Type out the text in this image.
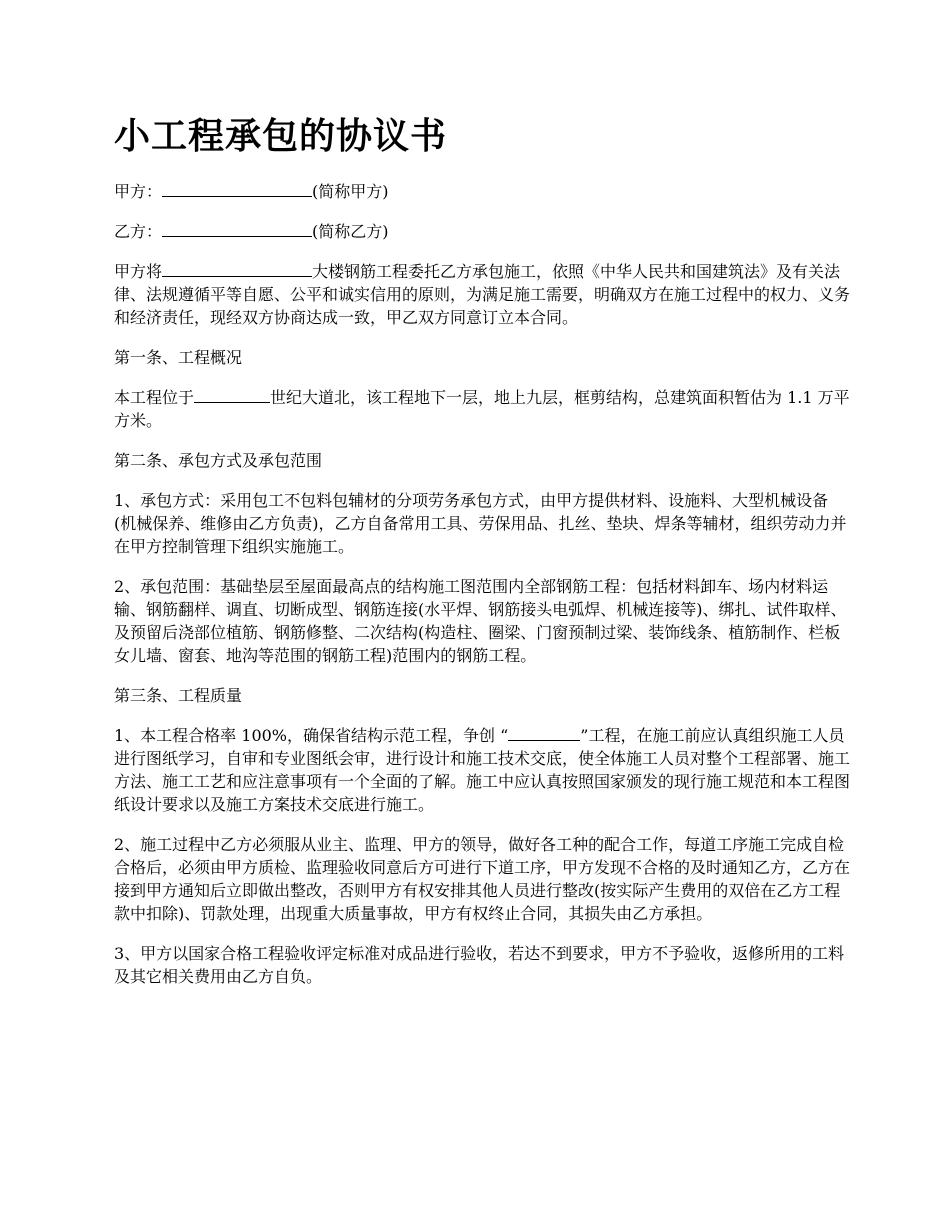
小工程承包的协议书

甲方：	(简称甲方)

乙方：	(简称乙方)

甲方将	大楼钢筋工程委托乙方承包施工，依照《中华人民共和国建筑法》及有关法律、法规遵循平等自愿、公平和诚实信用的原则，为满足施工需要，明确双方在施工过程中的权力、义务和经济责任，现经双方协商达成一致，甲乙双方同意订立本合同。

第一条、工程概况

本工程位于	世纪大道北，该工程地下一层，地上九层，框剪结构，总建筑面积暂估为 1.1 万平方米。

第二条、承包方式及承包范围

1、承包方式：采用包工不包料包辅材的分项劳务承包方式，由甲方提供材料、设施料、大型机械设备(机械保养、维修由乙方负责)，乙方自备常用工具、劳保用品、扎丝、垫块、焊条等辅材，组织劳动力并在甲方控制管理下组织实施施工。

2、承包范围：基础垫层至屋面最高点的结构施工图范围内全部钢筋工程：包括材料卸车、场内材料运输、钢筋翻样、调直、切断成型、钢筋连接(水平焊、钢筋接头电弧焊、机械连接等)、绑扎、试件取样、及预留后浇部位植筋、钢筋修整、二次结构(构造柱、圈梁、门窗预制过梁、装饰线条、植筋制作、栏板女儿墙、窗套、地沟等范围的钢筋工程)范围内的钢筋工程。

第三条、工程质量

1、本工程合格率 100%，确保省结构示范工程，争创 “	”工程，在施工前应认真组织施工人员进行图纸学习，自审和专业图纸会审，进行设计和施工技术交底，使全体施工人员对整个工程部署、施工方法、施工工艺和应注意事项有一个全面的了解。施工中应认真按照国家颁发的现行施工规范和本工程图纸设计要求以及施工方案技术交底进行施工。

2、施工过程中乙方必须服从业主、监理、甲方的领导，做好各工种的配合工作，每道工序施工完成自检合格后，必须由甲方质检、监理验收同意后方可进行下道工序，甲方发现不合格的及时通知乙方，乙方在接到甲方通知后立即做出整改，否则甲方有权安排其他人员进行整改(按实际产生费用的双倍在乙方工程款中扣除)、罚款处理，出现重大质量事故，甲方有权终止合同，其损失由乙方承担。

3、甲方以国家合格工程验收评定标准对成品进行验收，若达不到要求，甲方不予验收，返修所用的工料及其它相关费用由乙方自负。
